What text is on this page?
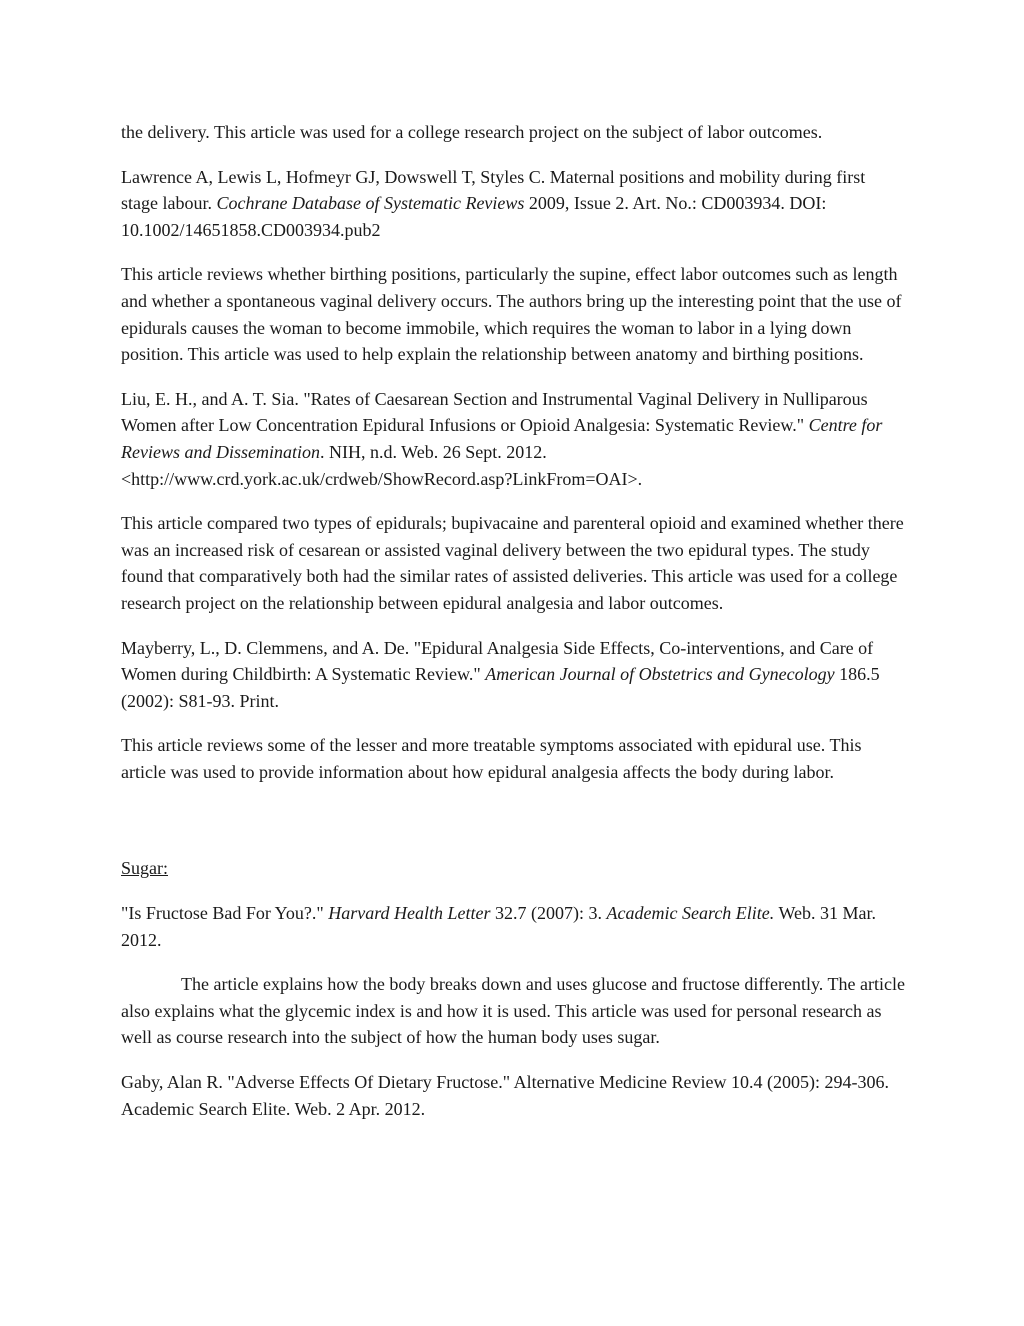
the delivery. This article was used for a college research project on the subject of labor outcomes.

Lawrence A, Lewis L, Hofmeyr GJ, Dowswell T, Styles C. Maternal positions and mobility during first stage labour. Cochrane Database of Systematic Reviews 2009, Issue 2. Art. No.: CD003934. DOI: 10.1002/14651858.CD003934.pub2

This article reviews whether birthing positions, particularly the supine, effect labor outcomes such as length and whether a spontaneous vaginal delivery occurs. The authors bring up the interesting point that the use of epidurals causes the woman to become immobile, which requires the woman to labor in a lying down position. This article was used to help explain the relationship between anatomy and birthing positions.

Liu, E. H., and A. T. Sia. "Rates of Caesarean Section and Instrumental Vaginal Delivery in Nulliparous Women after Low Concentration Epidural Infusions or Opioid Analgesia: Systematic Review." Centre for Reviews and Dissemination. NIH, n.d. Web. 26 Sept. 2012. <http://www.crd.york.ac.uk/crdweb/ShowRecord.asp?LinkFrom=OAI>.

This article compared two types of epidurals; bupivacaine and parenteral opioid and examined whether there was an increased risk of cesarean or assisted vaginal delivery between the two epidural types. The study found that comparatively both had the similar rates of assisted deliveries. This article was used for a college research project on the relationship between epidural analgesia and labor outcomes.

Mayberry, L., D. Clemmens, and A. De. "Epidural Analgesia Side Effects, Co-interventions, and Care of Women during Childbirth: A Systematic Review." American Journal of Obstetrics and Gynecology 186.5 (2002): S81-93. Print.

This article reviews some of the lesser and more treatable symptoms associated with epidural use. This article was used to provide information about how epidural analgesia affects the body during labor.

Sugar:

"Is Fructose Bad For You?." Harvard Health Letter 32.7 (2007): 3. Academic Search Elite. Web. 31 Mar. 2012.

The article explains how the body breaks down and uses glucose and fructose differently. The article also explains what the glycemic index is and how it is used. This article was used for personal research as well as course research into the subject of how the human body uses sugar.

Gaby, Alan R. "Adverse Effects Of Dietary Fructose." Alternative Medicine Review 10.4 (2005): 294-306. Academic Search Elite. Web. 2 Apr. 2012.
